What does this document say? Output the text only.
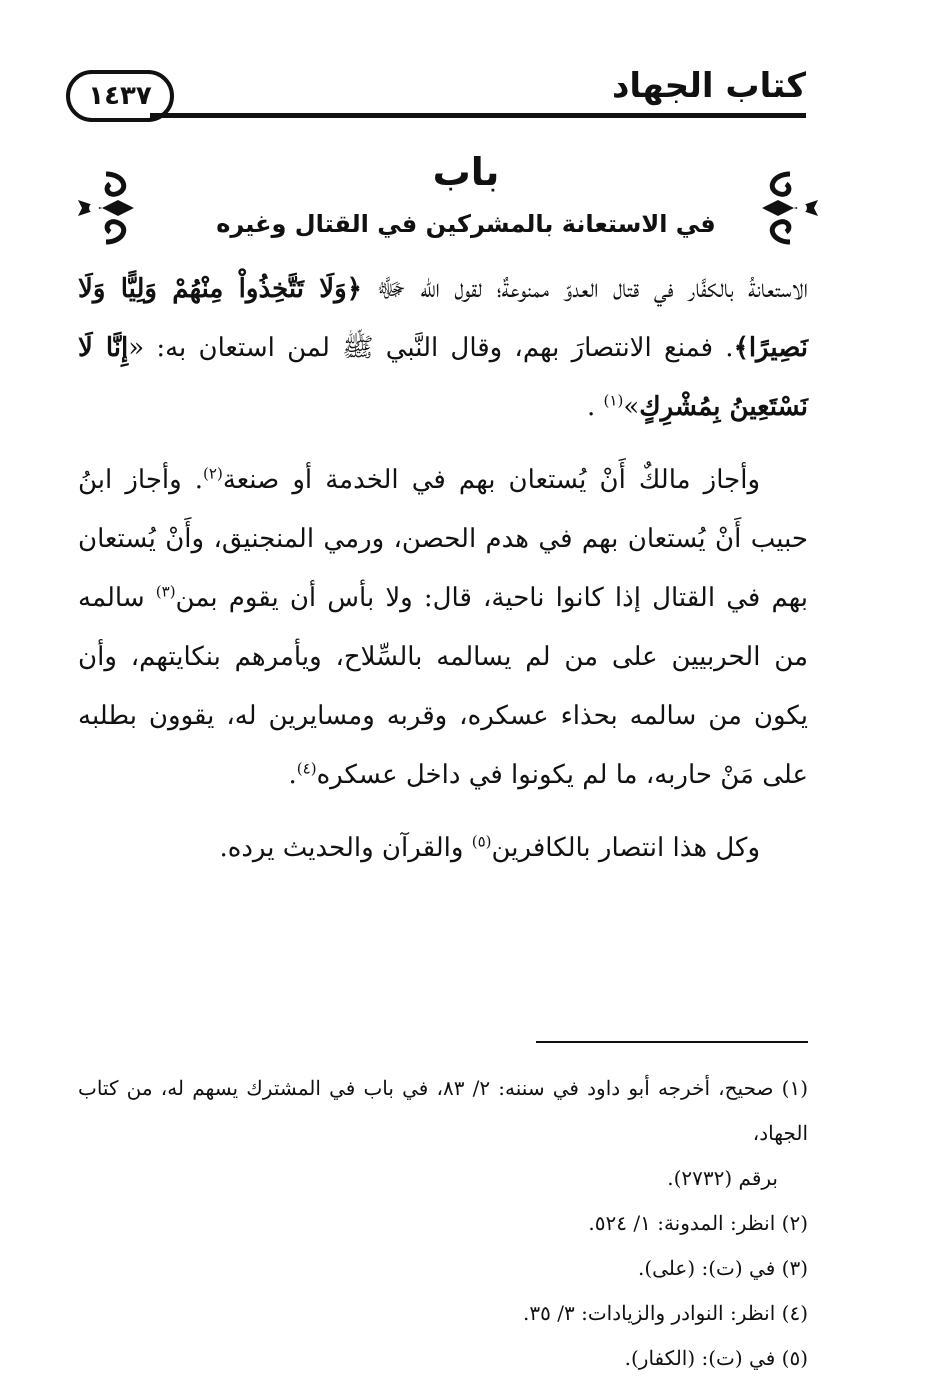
١٤٣٧	كتاب الجهاد
باب
في الاستعانة بالمشركين في القتال وغيره

الاستعانةُ بالكفَّار في قتال العدوّ ممنوعةٌ؛ لقول الله ﷻ ﴿وَلَا تَتَّخِذُواْ مِنْهُمْ وَلِيًّا وَلَا نَصِيرًا﴾. فمنع الانتصارَ بهم، وقال النَّبي ﷺ لمن استعان به: «إِنَّا لَا نَسْتَعِينُ بِمُشْرِكٍ»$^{(١)}$ .

وأجاز مالكٌ أَنْ يُستعان بهم في الخدمة أو صنعة$^{(٢)}$. وأجاز ابنُ حبيب أَنْ يُستعان بهم في هدم الحصن، ورمي المنجنيق، وأَنْ يُستعان بهم في القتال إذا كانوا ناحية، قال: ولا بأس أن يقوم بمن$^{(٣)}$ سالمه من الحربيين على من لم يسالمه بالسِّلاح، ويأمرهم بنكايتهم، وأن يكون من سالمه بحذاء عسكره، وقربه ومسايرين له، يقوون بطلبه على مَنْ حاربه، ما لم يكونوا في داخل عسكره$^{(٤)}$.

وكل هذا انتصار بالكافرين$^{(٥)}$ والقرآن والحديث يرده.

(١) صحيح، أخرجه أبو داود في سننه: ٢/ ٨٣، في باب في المشترك يسهم له، من كتاب الجهاد،

برقم (٢٧٣٢).

(٢) انظر: المدونة: ١/ ٥٢٤.

(٣) في (ت): (على).

(٤) انظر: النوادر والزيادات: ٣/ ٣٥.

(٥) في (ت): (الكفار).
